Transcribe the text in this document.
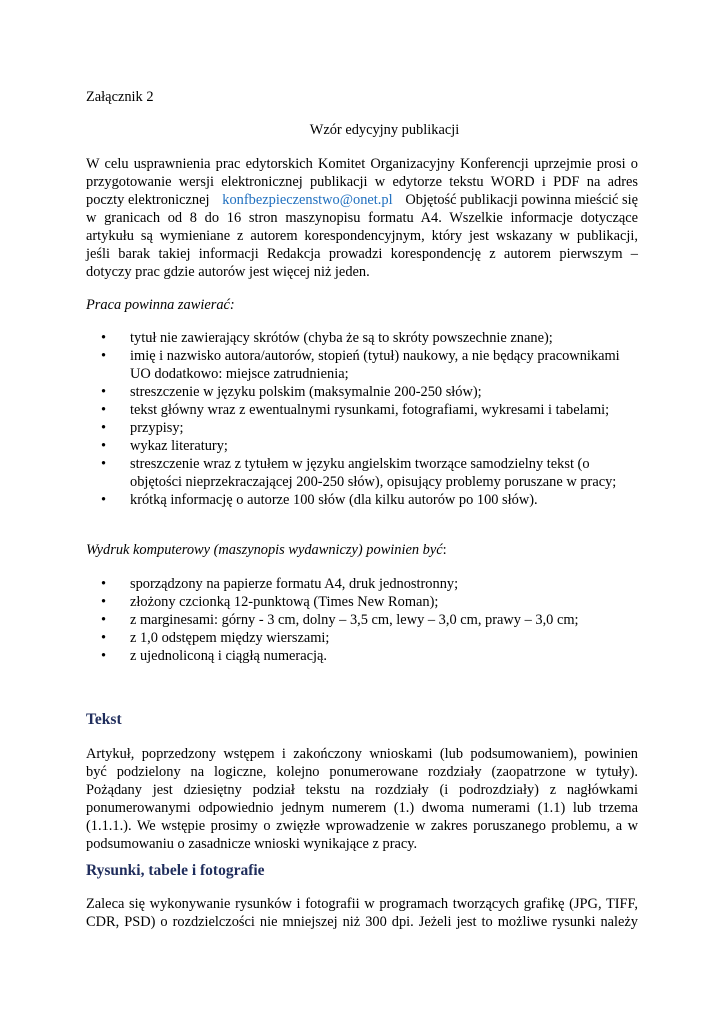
Załącznik 2
Wzór edycyjny publikacji
W celu usprawnienia prac edytorskich Komitet Organizacyjny Konferencji uprzejmie prosi o
przygotowanie wersji elektronicznej publikacji w edytorze tekstu WORD i PDF na adres
poczty elektronicznej konfbezpieczenstwo@onet.pl Objętość publikacji powinna mieścić się
w granicach od 8 do 16 stron maszynopisu formatu A4. Wszelkie informacje dotyczące
artykułu są wymieniane z autorem korespondencyjnym, który jest wskazany w publikacji,
jeśli barak takiej informacji Redakcja prowadzi korespondencję z autorem pierwszym –
dotyczy prac gdzie autorów jest więcej niż jeden.
Praca powinna zawierać:
• tytuł nie zawierający skrótów (chyba że są to skróty powszechnie znane);
• imię i nazwisko autora/autorów, stopień (tytuł) naukowy, a nie będący pracownikami
UO dodatkowo: miejsce zatrudnienia;
• streszczenie w języku polskim (maksymalnie 200-250 słów);
• tekst główny wraz z ewentualnymi rysunkami, fotografiami, wykresami i tabelami;
• przypisy;
• wykaz literatury;
• streszczenie wraz z tytułem w języku angielskim tworzące samodzielny tekst (o
objętości nieprzekraczającej 200-250 słów), opisujący problemy poruszane w pracy;
• krótką informację o autorze 100 słów (dla kilku autorów po 100 słów).
Wydruk komputerowy (maszynopis wydawniczy) powinien być:
• sporządzony na papierze formatu A4, druk jednostronny;
• złożony czcionką 12-punktową (Times New Roman);
• z marginesami: górny - 3 cm, dolny – 3,5 cm, lewy – 3,0 cm, prawy – 3,0 cm;
• z 1,0 odstępem między wierszami;
• z ujednoliconą i ciągłą numeracją.
Tekst
Artykuł, poprzedzony wstępem i zakończony wnioskami (lub podsumowaniem), powinien
być podzielony na logiczne, kolejno ponumerowane rozdziały (zaopatrzone w tytuły).
Pożądany jest dziesiętny podział tekstu na rozdziały (i podrozdziały) z nagłówkami
ponumerowanymi odpowiednio jednym numerem (1.) dwoma numerami (1.1) lub trzema
(1.1.1.). We wstępie prosimy o zwięzłe wprowadzenie w zakres poruszanego problemu, a w
podsumowaniu o zasadnicze wnioski wynikające z pracy.
Rysunki, tabele i fotografie
Zaleca się wykonywanie rysunków i fotografii w programach tworzących grafikę (JPG, TIFF,
CDR, PSD) o rozdzielczości nie mniejszej niż 300 dpi. Jeżeli jest to możliwe rysunki należy
